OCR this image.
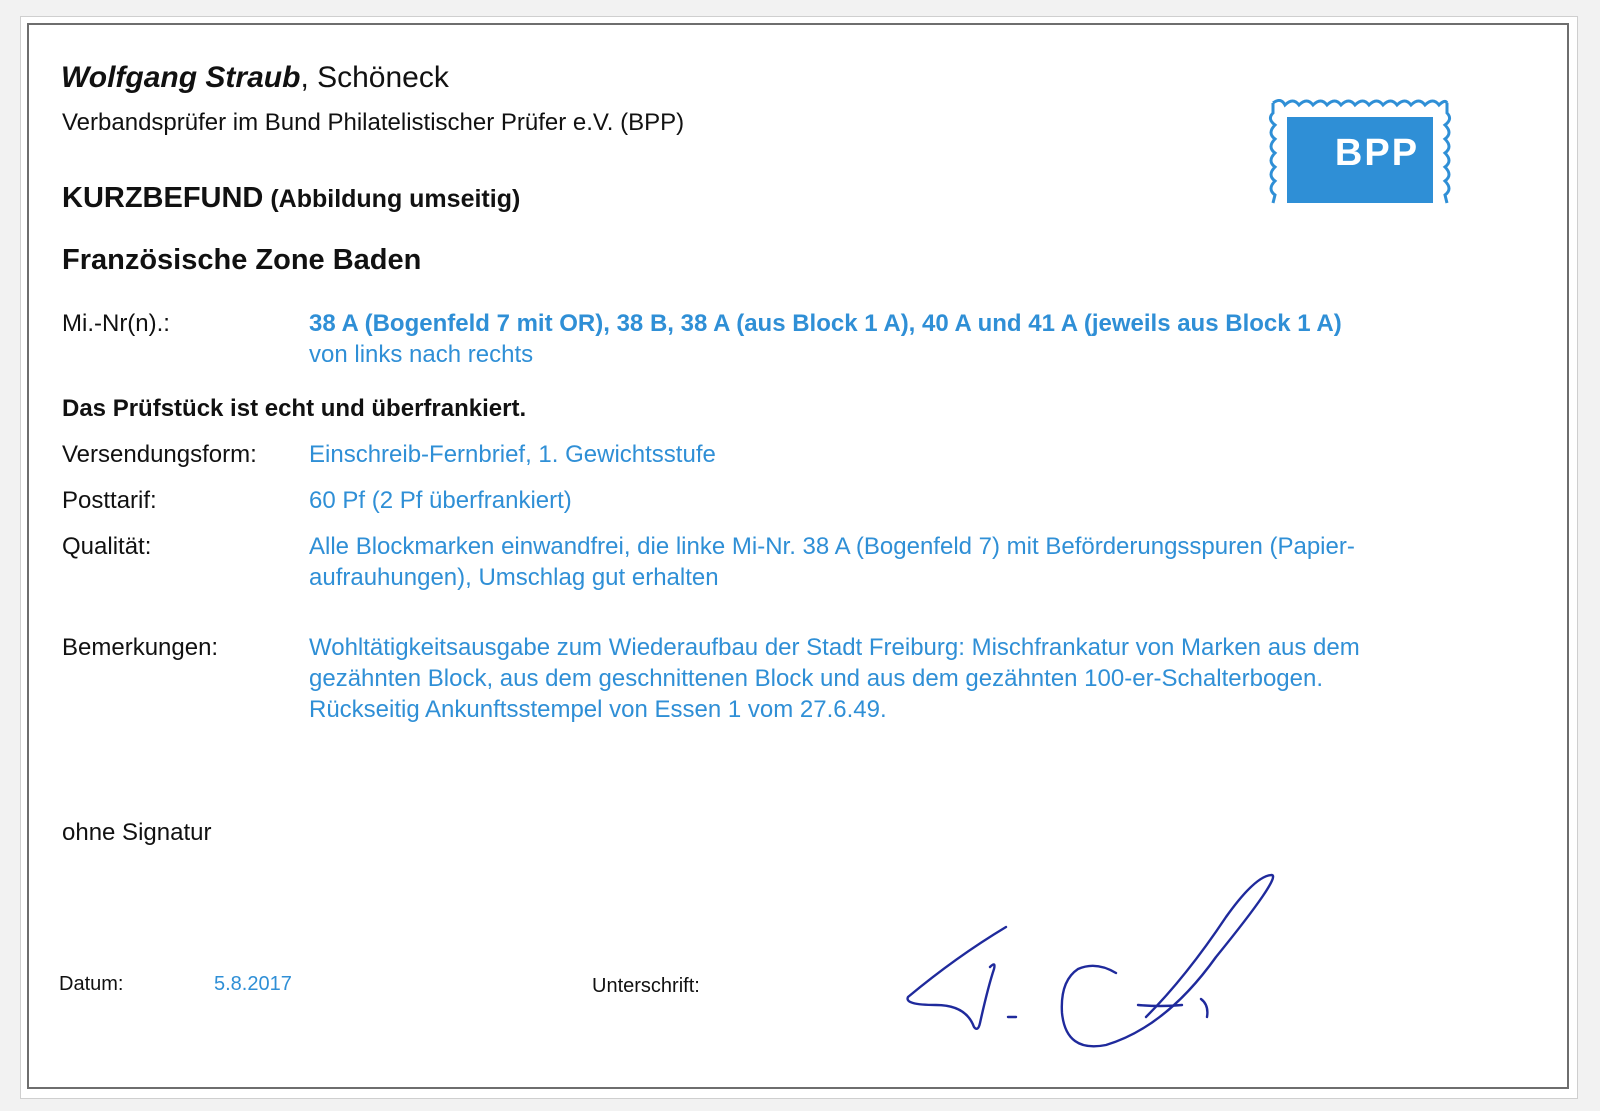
Wolfgang Straub, Schöneck
Verbandsprüfer im Bund Philatelistischer Prüfer e.V. (BPP)
BPP
KURZBEFUND (Abbildung umseitig)
Französische Zone Baden
Mi.-Nr(n).:	38 A (Bogenfeld 7 mit OR), 38 B, 38 A (aus Block 1 A), 40 A und 41 A (jeweils aus Block 1 A)
von links nach rechts
Das Prüfstück ist echt und überfrankiert.
Versendungsform: Einschreib-Fernbrief, 1. Gewichtsstufe
Posttarif:	60 Pf (2 Pf überfrankiert)
Qualität:	Alle Blockmarken einwandfrei, die linke Mi-Nr. 38 A (Bogenfeld 7) mit Beförderungsspuren (Papier-
aufrauhungen), Umschlag gut erhalten
Bemerkungen:	Wohltätigkeitsausgabe zum Wiederaufbau der Stadt Freiburg: Mischfrankatur von Marken aus dem
gezähnten Block, aus dem geschnittenen Block und aus dem gezähnten 100-er-Schalterbogen.
Rückseitig Ankunftsstempel von Essen 1 vom 27.6.49.
ohne Signatur
Datum:	5.8.2017	Unterschrift:
